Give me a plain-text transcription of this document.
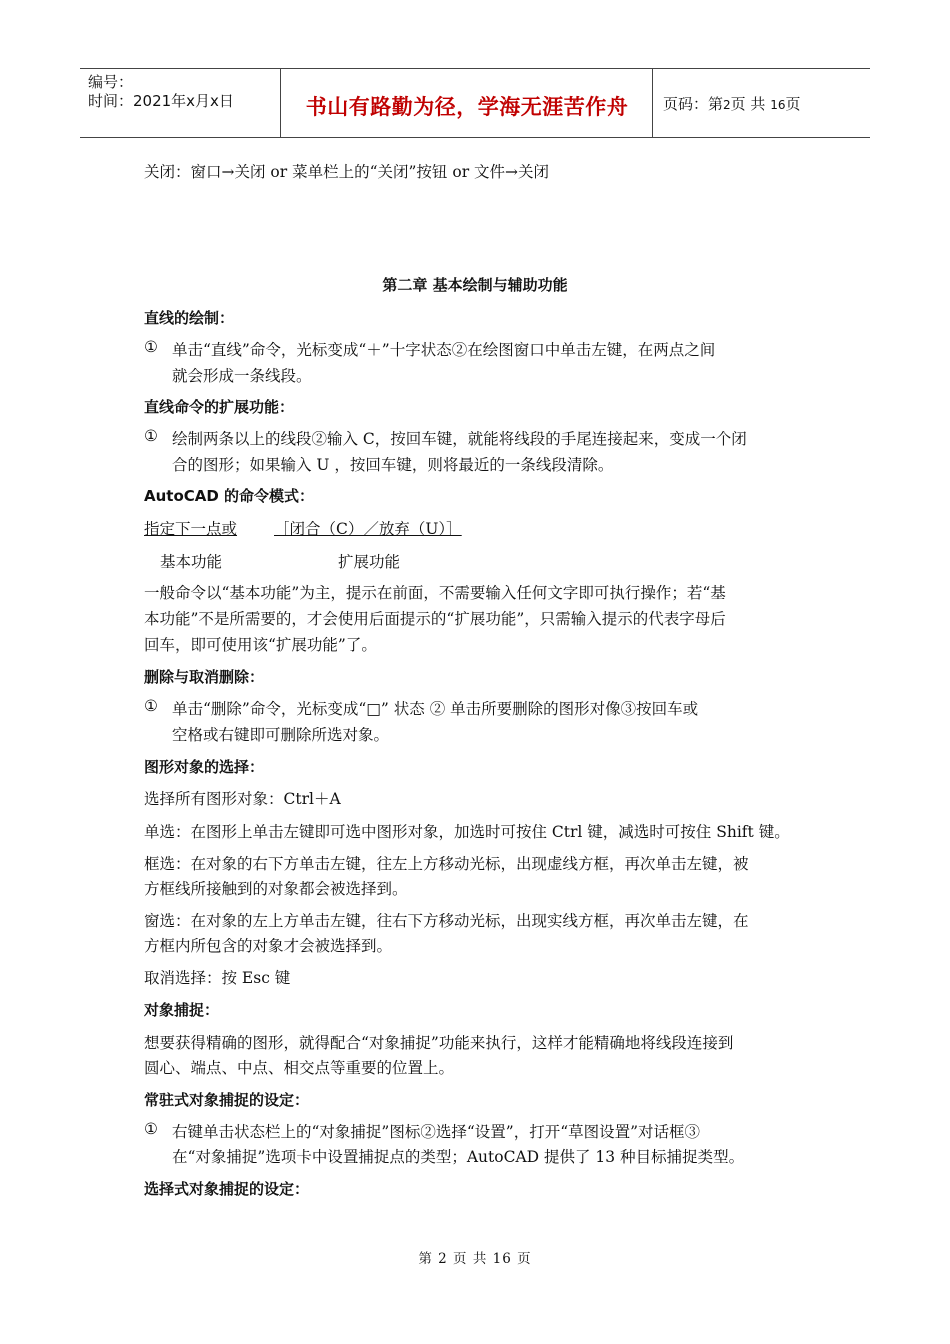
编号：
时间：2021年x月x日	书山有路勤为径，学海无涯苦作舟	页码：第2页 共 16页
关闭：窗口→关闭 or 菜单栏上的“关闭”按钮 or 文件→关闭
第二章 基本绘制与辅助功能
直线的绘制：
① 单击“直线”命令，光标变成“＋”十字状态②在绘图窗口中单击左键，在两点之间
就会形成一条线段。
直线命令的扩展功能：
① 绘制两条以上的线段②输入 C，按回车键，就能将线段的手尾连接起来，变成一个闭
合的图形；如果输入 U ，按回车键，则将最近的一条线段清除。
AutoCAD 的命令模式：
指定下一点或 ［闭合（C）／放弃（U）］
基本功能	扩展功能
一般命令以“基本功能”为主，提示在前面，不需要输入任何文字即可执行操作；若“基
本功能”不是所需要的，才会使用后面提示的“扩展功能”，只需输入提示的代表字母后
回车，即可使用该“扩展功能”了。
删除与取消删除：
① 单击“删除”命令，光标变成“□” 状态 ② 单击所要删除的图形对像③按回车或
空格或右键即可删除所选对象。
图形对象的选择：
选择所有图形对象：Ctrl＋A
单选：在图形上单击左键即可选中图形对象，加选时可按住 Ctrl 键，减选时可按住 Shift 键。
框选：在对象的右下方单击左键，往左上方移动光标，出现虚线方框，再次单击左键，被
方框线所接触到的对象都会被选择到。
窗选：在对象的左上方单击左键，往右下方移动光标，出现实线方框，再次单击左键，在
方框内所包含的对象才会被选择到。
取消选择：按 Esc 键
对象捕捉：
想要获得精确的图形，就得配合“对象捕捉”功能来执行，这样才能精确地将线段连接到
圆心、端点、中点、相交点等重要的位置上。
常驻式对象捕捉的设定：
① 右键单击状态栏上的“对象捕捉”图标②选择“设置”，打开“草图设置”对话框③
在“对象捕捉”选项卡中设置捕捉点的类型；AutoCAD 提供了 13 种目标捕捉类型。
选择式对象捕捉的设定：
第 2 页 共 16 页
